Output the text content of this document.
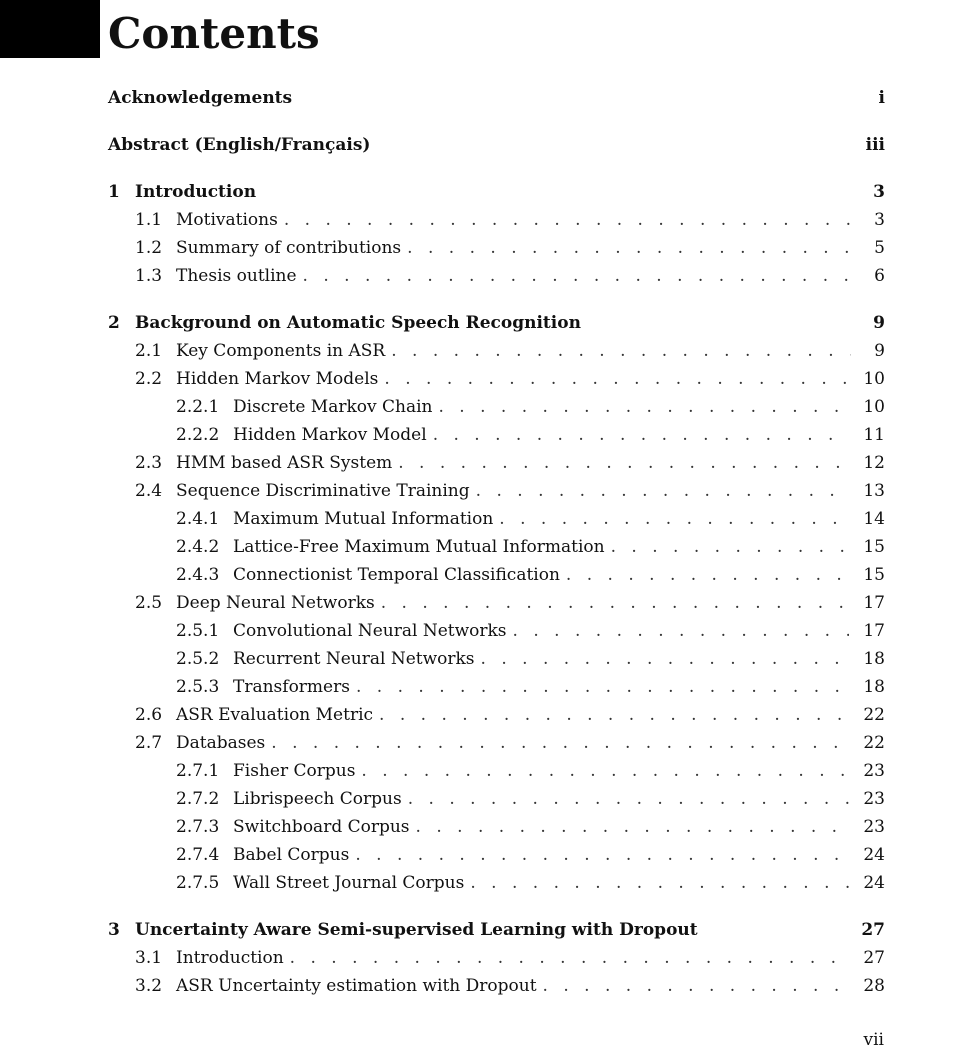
Contents
Acknowledgements	i
Abstract (English/Français)	iii
1 Introduction	3
1.1 Motivations . . .	3
1.2 Summary of contributions . . .	5
1.3 Thesis outline . . .	6
2 Background on Automatic Speech Recognition	9
2.1 Key Components in ASR . . .	9
2.2 Hidden Markov Models . . .	10
2.2.1 Discrete Markov Chain . . .	10
2.2.2 Hidden Markov Model . . .	11
2.3 HMM based ASR System . . .	12
2.4 Sequence Discriminative Training . . .	13
2.4.1 Maximum Mutual Information . . .	14
2.4.2 Lattice-Free Maximum Mutual Information . . .	15
2.4.3 Connectionist Temporal Classification . . .	15
2.5 Deep Neural Networks . . .	17
2.5.1 Convolutional Neural Networks . . .	17
2.5.2 Recurrent Neural Networks . . .	18
2.5.3 Transformers . . .	18
2.6 ASR Evaluation Metric . . .	22
2.7 Databases . . .	22
2.7.1 Fisher Corpus . . .	23
2.7.2 Librispeech Corpus . . .	23
2.7.3 Switchboard Corpus . . .	23
2.7.4 Babel Corpus . . .	24
2.7.5 Wall Street Journal Corpus . . .	24
3 Uncertainty Aware Semi-supervised Learning with Dropout	27
3.1 Introduction . . .	27
3.2 ASR Uncertainty estimation with Dropout . . .	28
vii
